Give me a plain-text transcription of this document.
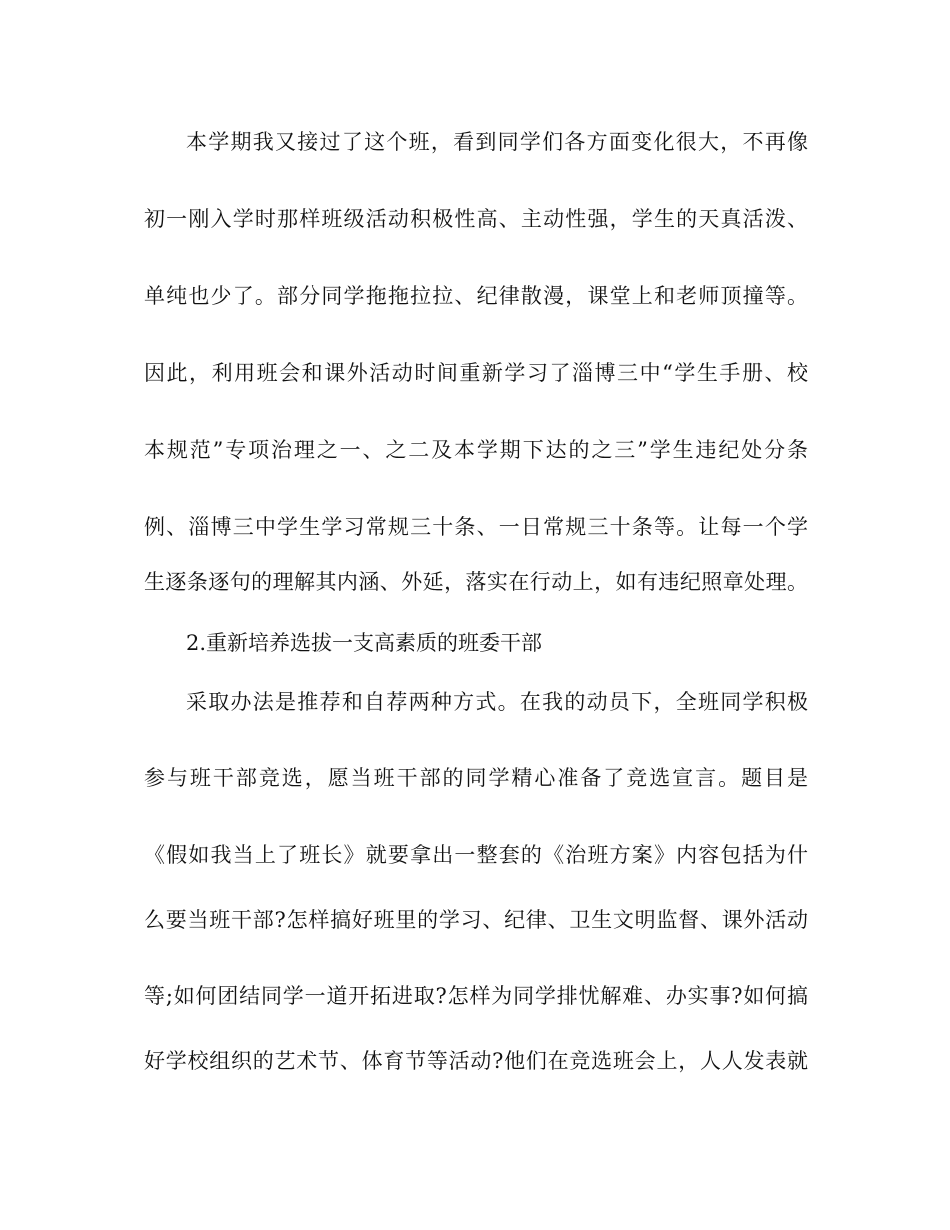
本学期我又接过了这个班，看到同学们各方面变化很大，不再像
初一刚入学时那样班级活动积极性高、主动性强，学生的天真活泼、
单纯也少了。部分同学拖拖拉拉、纪律散漫，课堂上和老师顶撞等。
因此，利用班会和课外活动时间重新学习了淄博三中“学生手册、校
本规范”专项治理之一、之二及本学期下达的之三”学生违纪处分条
例、淄博三中学生学习常规三十条、一日常规三十条等。让每一个学
生逐条逐句的理解其内涵、外延，落实在行动上，如有违纪照章处理。
2.重新培养选拔一支高素质的班委干部
采取办法是推荐和自荐两种方式。在我的动员下，全班同学积极
参与班干部竞选，愿当班干部的同学精心准备了竞选宣言。题目是
《假如我当上了班长》就要拿出一整套的《治班方案》内容包括为什
么要当班干部?怎样搞好班里的学习、纪律、卫生文明监督、课外活动
等;如何团结同学一道开拓进取?怎样为同学排忧解难、办实事?如何搞
好学校组织的艺术节、体育节等活动?他们在竞选班会上，人人发表就
